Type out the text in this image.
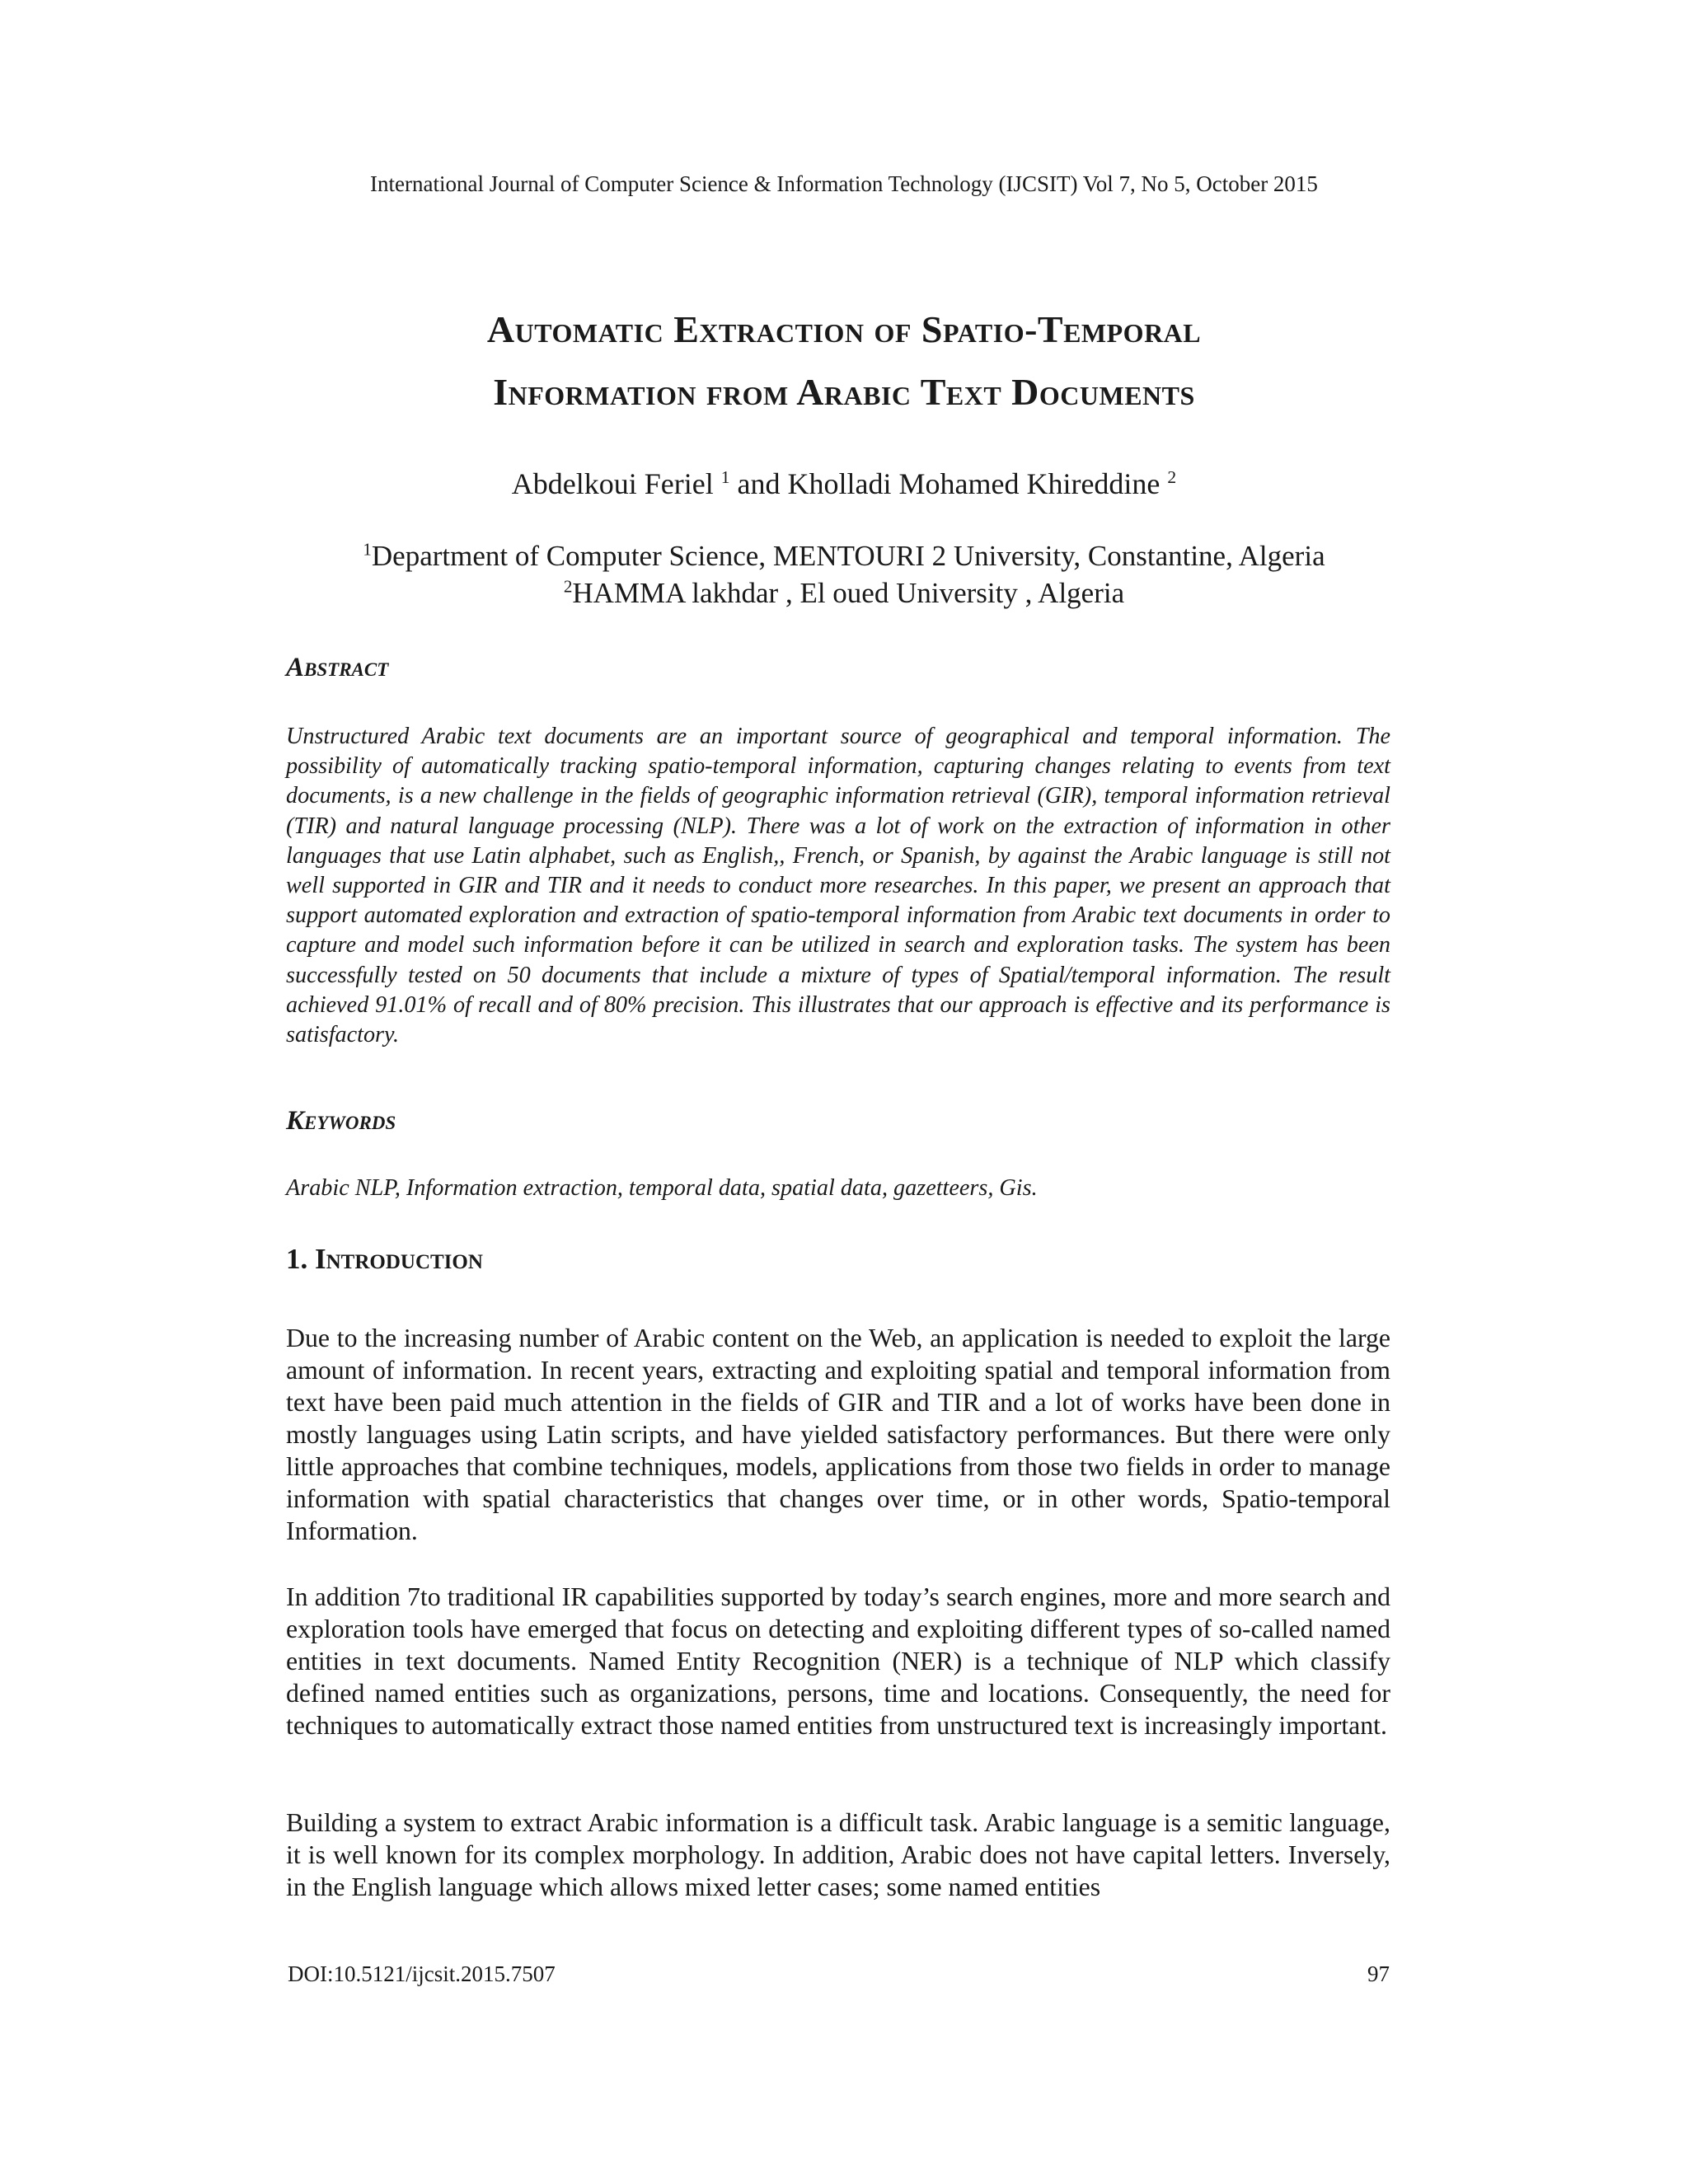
International Journal of Computer Science & Information Technology (IJCSIT) Vol 7, No 5, October 2015
Automatic Extraction of Spatio-Temporal
Information from Arabic Text Documents
Abdelkoui Feriel $^1$ and Kholladi Mohamed Khireddine $^2$
$^1$Department of Computer Science, MENTOURI 2 University, Constantine, Algeria
$^2$HAMMA lakhdar , El oued University , Algeria
Abstract

Unstructured Arabic text documents are an important source of geographical and temporal information. The possibility of automatically tracking spatio-temporal information, capturing changes relating to events from text documents, is a new challenge in the fields of geographic information retrieval (GIR), temporal information retrieval (TIR) and natural language processing (NLP). There was a lot of work on the extraction of information in other languages that use Latin alphabet, such as English,, French, or Spanish, by against the Arabic language is still not well supported in GIR and TIR and it needs to conduct more researches. In this paper, we present an approach that support automated exploration and extraction of spatio-temporal information from Arabic text documents in order to capture and model such information before it can be utilized in search and exploration tasks. The system has been successfully tested on 50 documents that include a mixture of types of Spatial/temporal information. The result achieved 91.01% of recall and of 80% precision. This illustrates that our approach is effective and its performance is satisfactory.

Keywords
Arabic NLP, Information extraction, temporal data, spatial data, gazetteers, Gis.
1. Introduction

Due to the increasing number of Arabic content on the Web, an application is needed to exploit the large amount of information. In recent years, extracting and exploiting spatial and temporal information from text have been paid much attention in the fields of GIR and TIR and a lot of works have been done in mostly languages using Latin scripts, and have yielded satisfactory performances. But there were only little approaches that combine techniques, models, applications from those two fields in order to manage information with spatial characteristics that changes over time, or in other words, Spatio-temporal Information.

In addition 7to traditional IR capabilities supported by today’s search engines, more and more search and exploration tools have emerged that focus on detecting and exploiting different types of so-called named entities in text documents. Named Entity Recognition (NER) is a technique of NLP which classify defined named entities such as organizations, persons, time and locations. Consequently, the need for techniques to automatically extract those named entities from unstructured text is increasingly important.

Building a system to extract Arabic information is a difficult task. Arabic language is a semitic language, it is well known for its complex morphology. In addition, Arabic does not have capital letters. Inversely, in the English language which allows mixed letter cases; some named entities

DOI:10.5121/ijcsit.2015.7507	97
